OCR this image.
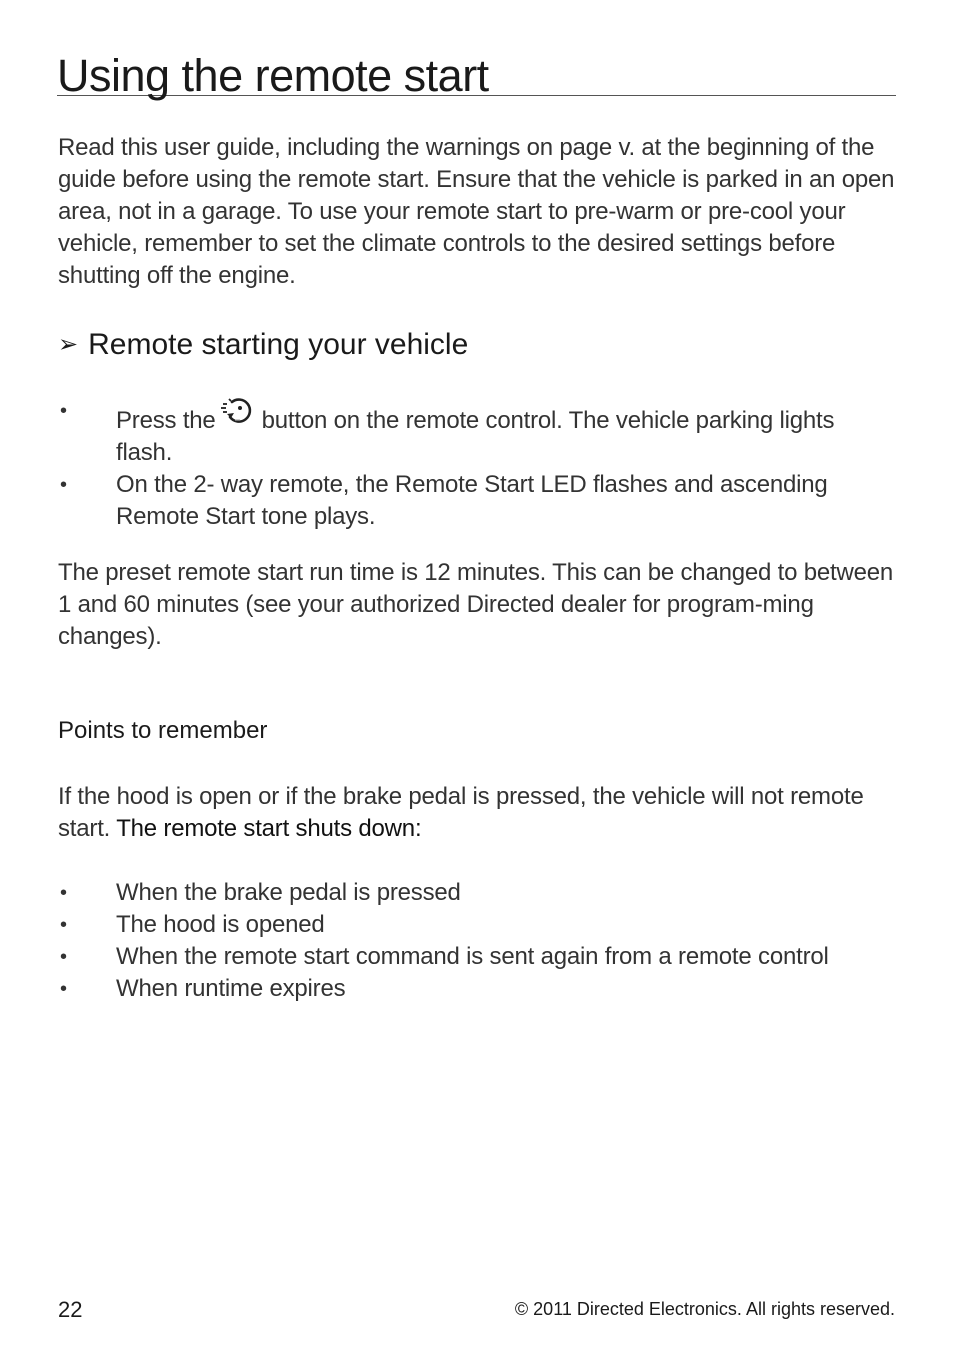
Using the remote start

Read this user guide, including the warnings on page v. at the beginning of the guide before using the remote start. Ensure that the vehicle is parked in an open area, not in a garage. To use your remote start to pre-warm or pre-cool your vehicle, remember to set the climate controls to the desired settings before shutting off the engine.

➢ Remote starting your vehicle
• Press the button on the remote control. The vehicle parking lights flash.
• On the 2- way remote, the Remote Start LED flashes and ascending Remote Start tone plays.

The preset remote start run time is 12 minutes. This can be changed to between 1 and 60 minutes (see your authorized Directed dealer for program-ming changes).

Points to remember

If the hood is open or if the brake pedal is pressed, the vehicle will not remote start. The remote start shuts down:

• When the brake pedal is pressed
• The hood is opened
• When the remote start command is sent again from a remote control
• When runtime expires
22	© 2011 Directed Electronics. All rights reserved.
